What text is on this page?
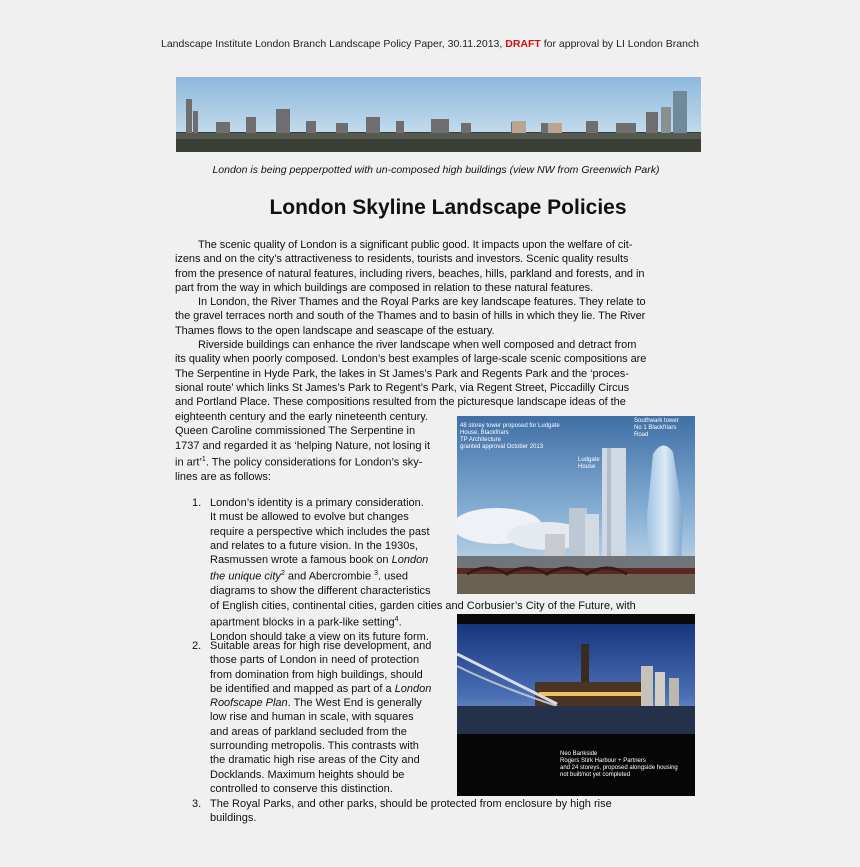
Landscape Institute London Branch Landscape Policy Paper, 30.11.2013, DRAFT for approval by LI London Branch
London is being pepperpotted with un-composed high buildings (view NW from Greenwich Park)
London Skyline Landscape Policies
The scenic quality of London is a significant public good. It impacts upon the welfare of cit-
izens and on the city’s attractiveness to residents, tourists and investors. Scenic quality results
from the presence of natural features, including rivers, beaches, hills, parkland and forests, and in
part from the way in which buildings are composed in relation to these natural features.
In London, the River Thames and the Royal Parks are key landscape features. They relate to
the gravel terraces north and south of the Thames and to basin of hills in which they lie. The River
Thames flows to the open landscape and seascape of the estuary.
Riverside buildings can enhance the river landscape when well composed and detract from
its quality when poorly composed. London’s best examples of large-scale scenic compositions are
The Serpentine in Hyde Park, the lakes in St James’s Park and Regents Park and the ‘proces-
sional route’ which links St James’s Park to Regent’s Park, via Regent Street, Piccadilly Circus
and Portland Place. These compositions resulted from the picturesque landscape ideas of the
eighteenth century and the early nineteenth century.
Queen Caroline commissioned The Serpentine in
1737 and regarded it as ‘helping Nature, not losing it
in art’$^1$. The policy considerations for London’s sky-
lines are as follows:
48 storey tower proposed for Ludgate
House, Blackfriars
TP Architecture
granted approval October 2013
Ludgate
House
Southwark tower
No 1 Blackfriars
Road
Neo Bankside
Rogers Stirk Harbour + Partners
and 24 storeys, proposed alongside housing
not built/not yet completed
1. London’s identity is a primary consideration.
It must be allowed to evolve but changes
require a perspective which includes the past
and relates to a future vision. In the 1930s,
Rasmussen wrote a famous book on London
the unique city$^2$ and Abercrombie $^3$. used
diagrams to show the different characteristics
of English cities, continental cities, garden cities and Corbusier’s City of the Future, with
apartment blocks in a park-like setting$^4$.
London should take a view on its future form.
2. Suitable areas for high rise development, and
those parts of London in need of protection
from domination from high buildings, should
be identified and mapped as part of a London
Roofscape Plan. The West End is generally
low rise and human in scale, with squares
and areas of parkland secluded from the
surrounding metropolis. This contrasts with
the dramatic high rise areas of the City and
Docklands. Maximum heights should be
controlled to conserve this distinction.
3. The Royal Parks, and other parks, should be protected from enclosure by high rise
buildings.
